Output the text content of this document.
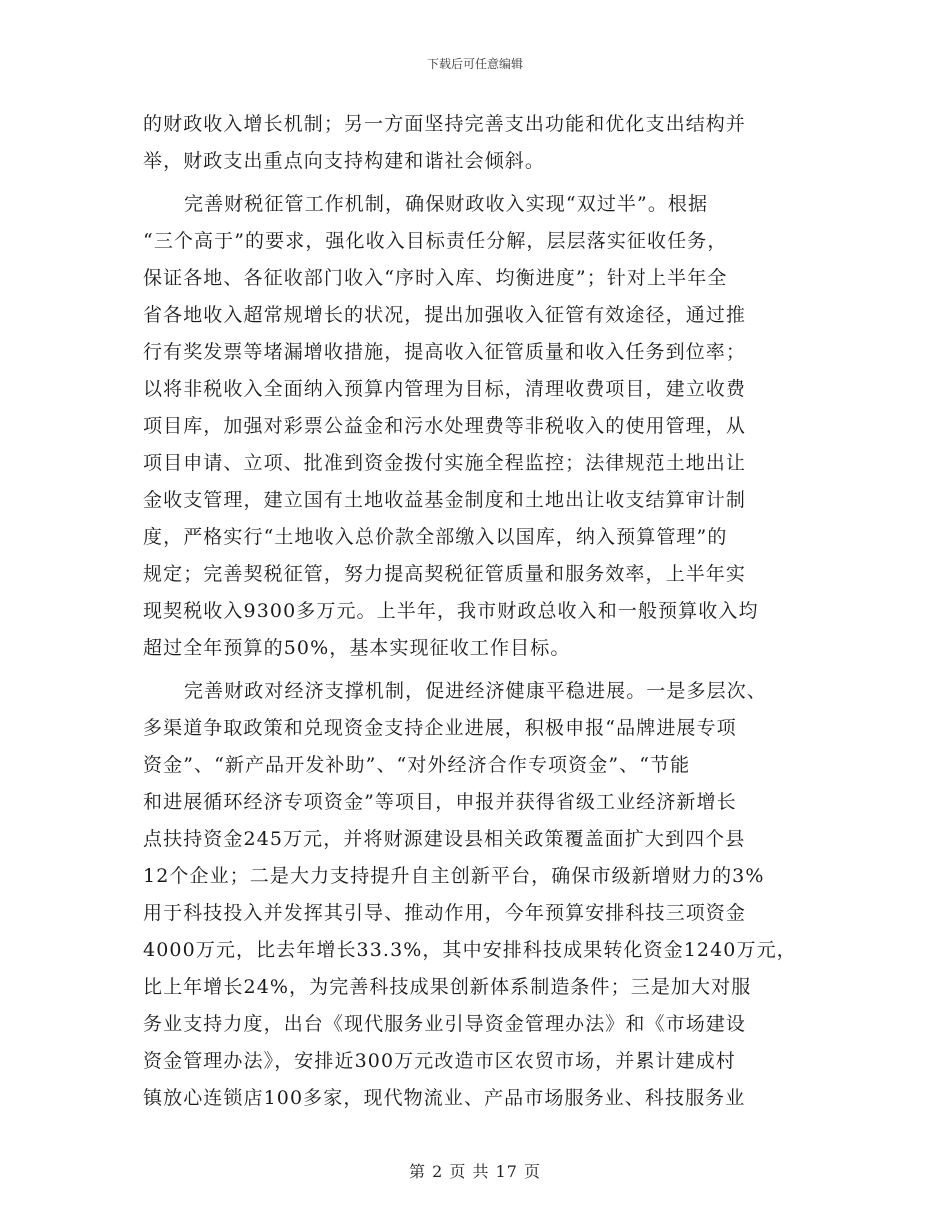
下载后可任意编辑
的财政收入增长机制；另一方面坚持完善支出功能和优化支出结构并
举，财政支出重点向支持构建和谐社会倾斜。
完善财税征管工作机制，确保财政收入实现“双过半”。根据
“三个高于”的要求，强化收入目标责任分解，层层落实征收任务，
保证各地、各征收部门收入“序时入库、均衡进度”；针对上半年全
省各地收入超常规增长的状况，提出加强收入征管有效途径，通过推
行有奖发票等堵漏增收措施，提高收入征管质量和收入任务到位率；
以将非税收入全面纳入预算内管理为目标，清理收费项目，建立收费
项目库，加强对彩票公益金和污水处理费等非税收入的使用管理，从
项目申请、立项、批准到资金拨付实施全程监控；法律规范土地出让
金收支管理，建立国有土地收益基金制度和土地出让收支结算审计制
度，严格实行“土地收入总价款全部缴入以国库，纳入预算管理”的
规定；完善契税征管，努力提高契税征管质量和服务效率，上半年实
现契税收入9300多万元。上半年，我市财政总收入和一般预算收入均
超过全年预算的50%，基本实现征收工作目标。
完善财政对经济支撑机制，促进经济健康平稳进展。一是多层次、
多渠道争取政策和兑现资金支持企业进展，积极申报“品牌进展专项
资金”、“新产品开发补助”、“对外经济合作专项资金”、“节能
和进展循环经济专项资金”等项目，申报并获得省级工业经济新增长
点扶持资金245万元，并将财源建设县相关政策覆盖面扩大到四个县
12个企业；二是大力支持提升自主创新平台，确保市级新增财力的3%
用于科技投入并发挥其引导、推动作用，今年预算安排科技三项资金
4000万元，比去年增长33.3%，其中安排科技成果转化资金1240万元，
比上年增长24%，为完善科技成果创新体系制造条件；三是加大对服
务业支持力度，出台《现代服务业引导资金管理办法》和《市场建设
资金管理办法》，安排近300万元改造市区农贸市场，并累计建成村
镇放心连锁店100多家，现代物流业、产品市场服务业、科技服务业
第 2 页 共 17 页
